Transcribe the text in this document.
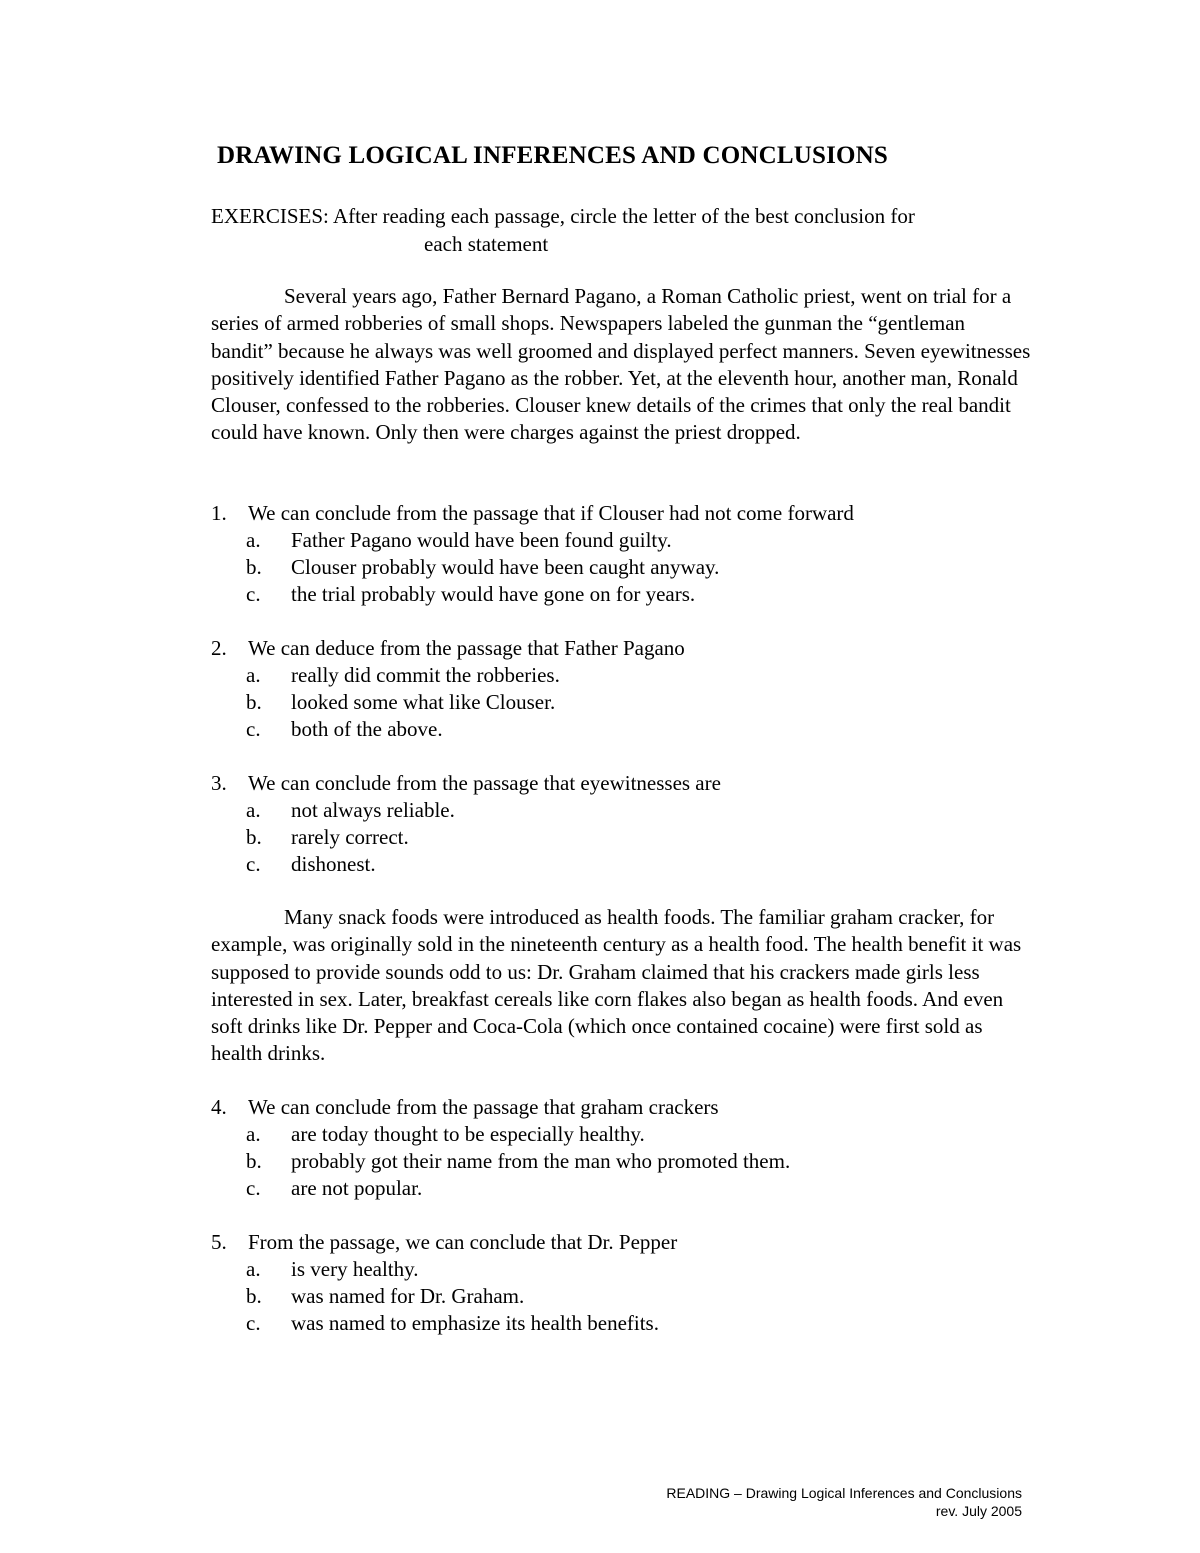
DRAWING LOGICAL INFERENCES AND CONCLUSIONS
EXERCISES: After reading each passage, circle the letter of the best conclusion for
each statement

Several years ago, Father Bernard Pagano, a Roman Catholic priest, went on trial for a series of armed robberies of small shops. Newspapers labeled the gunman the “gentleman bandit” because he always was well groomed and displayed perfect manners. Seven eyewitnesses positively identified Father Pagano as the robber. Yet, at the eleventh hour, another man, Ronald Clouser, confessed to the robberies. Clouser knew details of the crimes that only the real bandit could have known. Only then were charges against the priest dropped.

1.	We can conclude from the passage that if Clouser had not come forward
a.	Father Pagano would have been found guilty.
b.	Clouser probably would have been caught anyway.
c.	the trial probably would have gone on for years.
2.	We can deduce from the passage that Father Pagano
a.	really did commit the robberies.
b.	looked some what like Clouser.
c.	both of the above.
3.	We can conclude from the passage that eyewitnesses are
a.	not always reliable.
b.	rarely correct.
c.	dishonest.

Many snack foods were introduced as health foods. The familiar graham cracker, for example, was originally sold in the nineteenth century as a health food. The health benefit it was supposed to provide sounds odd to us: Dr. Graham claimed that his crackers made girls less interested in sex. Later, breakfast cereals like corn flakes also began as health foods. And even soft drinks like Dr. Pepper and Coca-Cola (which once contained cocaine) were first sold as health drinks.

4.	We can conclude from the passage that graham crackers
a.	are today thought to be especially healthy.
b.	probably got their name from the man who promoted them.
c.	are not popular.
5.	From the passage, we can conclude that Dr. Pepper
a.	is very healthy.
b.	was named for Dr. Graham.
c.	was named to emphasize its health benefits.
READING – Drawing Logical Inferences and Conclusions
rev. July 2005
